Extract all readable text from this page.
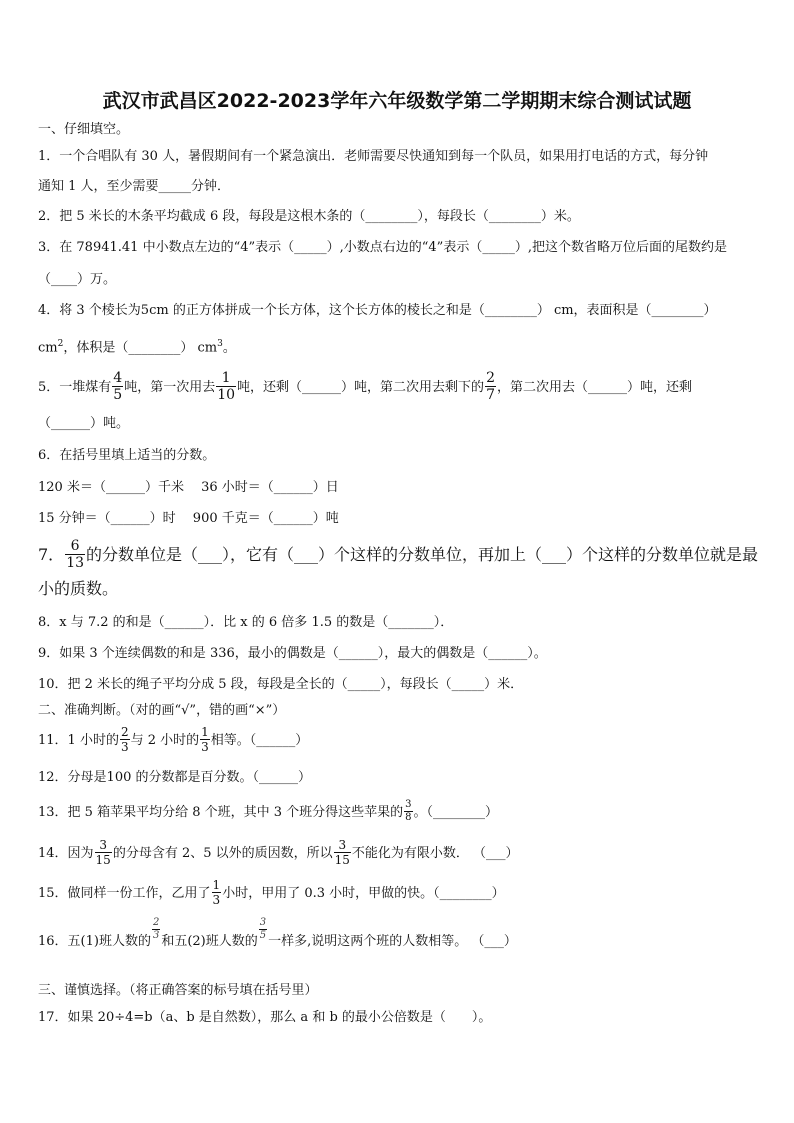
武汉市武昌区2022-2023学年六年级数学第二学期期末综合测试试题
一、仔细填空。
1．一个合唱队有 30 人，暑假期间有一个紧急演出．老师需要尽快通知到每一个队员，如果用打电话的方式，每分钟
通知 1 人，至少需要_____分钟．
2．把 5 米长的木条平均截成 6 段，每段是这根木条的（________），每段长（________）米。
3．在 78941.41 中小数点左边的“4”表示（_____）,小数点右边的“4”表示（_____）,把这个数省略万位后面的尾数约是
（____）万。
4．将 3 个棱长为5cm 的正方体拼成一个长方体，这个长方体的棱长之和是（________） cm，表面积是（________）
$cm^2$，体积是（________） $cm^3$。
5．一堆煤有 $\frac{4}{5}$ 吨，第一次用去 $\frac{1}{10}$ 吨，还剩（______）吨，第二次用去剩下的 $\frac{2}{7}$ ，第二次用去（______）吨，还剩
（______）吨。
6．在括号里填上适当的分数。
120 米＝（______）千米　 36 小时＝（______）日
15 分钟＝（______）时　 900 千克＝（______）吨
7． $\frac{6}{13}$ 的分数单位是（___），它有（___）个这样的分数单位，再加上（___）个这样的分数单位就是最
小的质数。
8．x 与 7.2 的和是（______）．比 x 的 6 倍多 1.5 的数是（_______）．
9．如果 3 个连续偶数的和是 336，最小的偶数是（______），最大的偶数是（______）。
10．把 2 米长的绳子平均分成 5 段，每段是全长的（_____），每段长（_____）米．
二、准确判断。（对的画“√”，错的画“×”）
11．1 小时的 $\frac{2}{3}$ 与 2 小时的 $\frac{1}{3}$ 相等。（______）
12．分母是100 的分数都是百分数。（______）
13．把 5 箱苹果平均分给 8 个班，其中 3 个班分得这些苹果的 $\frac{3}{8}$ 。（________）
14．因为 $\frac{3}{15}$ 的分母含有 2、5 以外的质因数，所以 $\frac{3}{15}$ 不能化为有限小数． （___）
15．做同样一份工作，乙用了 $\frac{1}{3}$ 小时，甲用了 0.3 小时，甲做的快。（________）
16．五(1)班人数的
$\frac{2}{3}$
和五(2)班人数的
$\frac{3}{5}$
一样多,说明这两个班的人数相等。 （___）
三、谨慎选择。（将正确答案的标号填在括号里）
17．如果 20÷4=b（a、b 是自然数），那么 a 和 b 的最小公倍数是（　　）。
